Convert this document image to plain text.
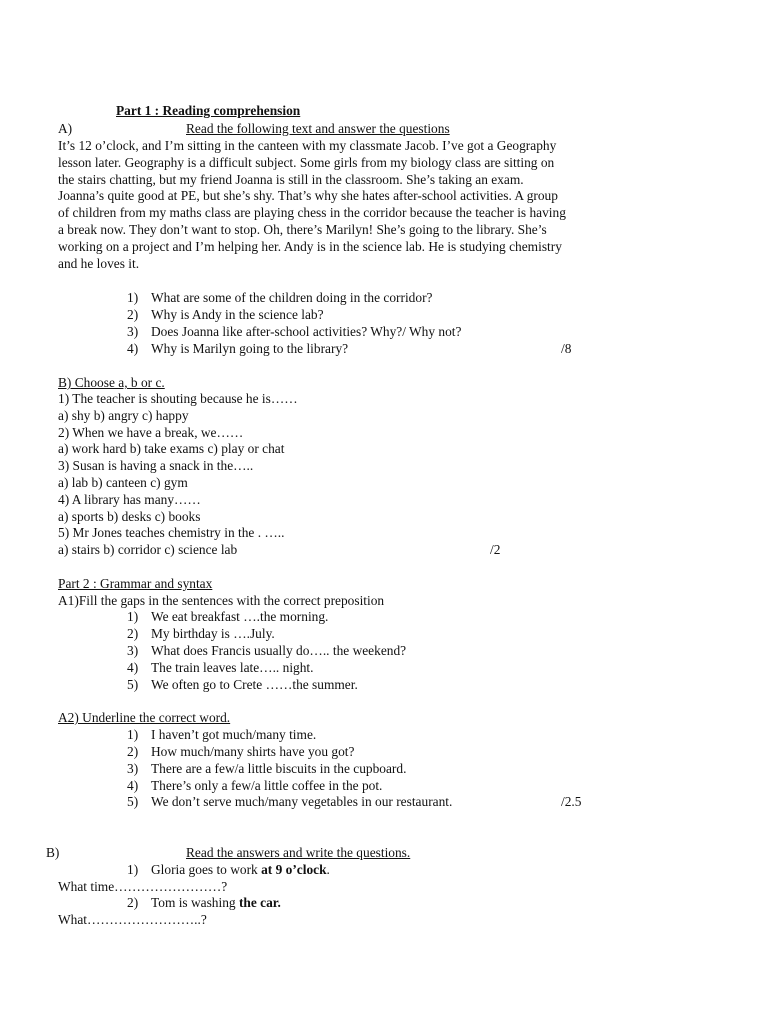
Part 1 : Reading comprehension
A)	Read the following text and answer the questions
It’s 12 o’clock, and I’m sitting in the canteen with my classmate Jacob. I’ve got a Geography
lesson later. Geography is a difficult subject. Some girls from my biology class are sitting on
the stairs chatting, but my friend Joanna is still in the classroom. She’s taking an exam.
Joanna’s quite good at PE, but she’s shy. That’s why she hates after-school activities. A group
of children from my maths class are playing chess in the corridor because the teacher is having
a break now. They don’t want to stop. Oh, there’s Marilyn! She’s going to the library. She’s
working on a project and I’m helping her. Andy is in the science lab. He is studying chemistry
and he loves it.
1) What are some of the children doing in the corridor?
2) Why is Andy in the science lab?
3) Does Joanna like after-school activities? Why?/ Why not?
4) Why is Marilyn going to the library?	/8
B) Choose a, b or c.
1) The teacher is shouting because he is……
a) shy b) angry c) happy
2) When we have a break, we……
a) work hard b) take exams c) play or chat
3) Susan is having a snack in the…..
a) lab b) canteen c) gym
4) A library has many……
a) sports b) desks c) books
5) Mr Jones teaches chemistry in the . …..
a) stairs b) corridor c) science lab	/2
Part 2 : Grammar and syntax
A1)Fill the gaps in the sentences with the correct preposition
1) We eat breakfast ….the morning.
2) My birthday is ….July.
3) What does Francis usually do….. the weekend?
4) The train leaves late….. night.
5) We often go to Crete ……the summer.
A2) Underline the correct word.
1) I haven’t got much/many time.
2) How much/many shirts have you got?
3) There are a few/a little biscuits in the cupboard.
4) There’s only a few/a little coffee in the pot.
5) We don’t serve much/many vegetables in our restaurant.	/2.5
B)	Read the answers and write the questions.
1) Gloria goes to work at 9 o’clock.
What time……………………?
2) Tom is washing the car.
What……………………..?
